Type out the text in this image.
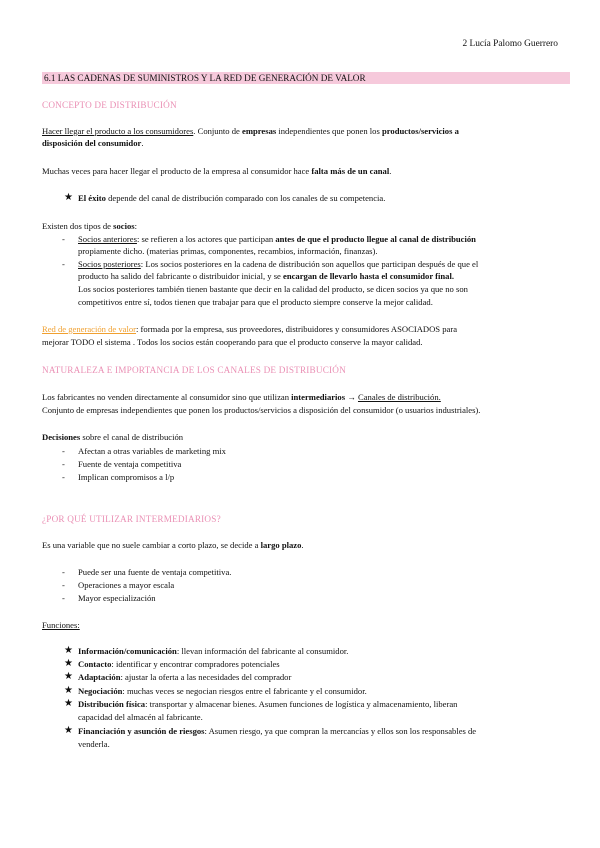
2 Lucía Palomo Guerrero
6.1 LAS CADENAS DE SUMINISTROS Y LA RED DE GENERACIÓN DE VALOR
CONCEPTO DE DISTRIBUCIÓN
Hacer llegar el producto a los consumidores. Conjunto de empresas independientes que ponen los productos/servicios a
disposición del consumidor.
Muchas veces para hacer llegar el producto de la empresa al consumidor hace falta más de un canal.
★ El éxito depende del canal de distribución comparado con los canales de su competencia.
Existen dos tipos de socios:
- Socios anteriores: se refieren a los actores que participan antes de que el producto llegue al canal de distribución
propiamente dicho. (materias primas, componentes, recambios, información, finanzas).
- Socios posteriores: Los socios posteriores en la cadena de distribución son aquellos que participan después de que el
producto ha salido del fabricante o distribuidor inicial, y se encargan de llevarlo hasta el consumidor final.
Los socios posteriores también tienen bastante que decir en la calidad del producto, se dicen socios ya que no son
competitivos entre sí, todos tienen que trabajar para que el producto siempre conserve la mejor calidad.
Red de generación de valor: formada por la empresa, sus proveedores, distribuidores y consumidores ASOCIADOS para
mejorar TODO el sistema . Todos los socios están cooperando para que el producto conserve la mayor calidad.
NATURALEZA E IMPORTANCIA DE LOS CANALES DE DISTRIBUCIÓN
Los fabricantes no venden directamente al consumidor sino que utilizan intermediarios → Canales de distribución.
Conjunto de empresas independientes que ponen los productos/servicios a disposición del consumidor (o usuarios industriales).
Decisiones sobre el canal de distribución
- Afectan a otras variables de marketing mix
- Fuente de ventaja competitiva
- Implican compromisos a l/p
¿POR QUÉ UTILIZAR INTERMEDIARIOS?
Es una variable que no suele cambiar a corto plazo, se decide a largo plazo.
- Puede ser una fuente de ventaja competitiva.
- Operaciones a mayor escala
- Mayor especialización
Funciones:
★ Información/comunicación: llevan información del fabricante al consumidor.
★ Contacto: identificar y encontrar compradores potenciales
★ Adaptación: ajustar la oferta a las necesidades del comprador
★ Negociación: muchas veces se negocian riesgos entre el fabricante y el consumidor.
★ Distribución física: transportar y almacenar bienes. Asumen funciones de logística y almacenamiento, liberan
capacidad del almacén al fabricante.
★ Financiación y asunción de riesgos: Asumen riesgo, ya que compran la mercancías y ellos son los responsables de
venderla.
